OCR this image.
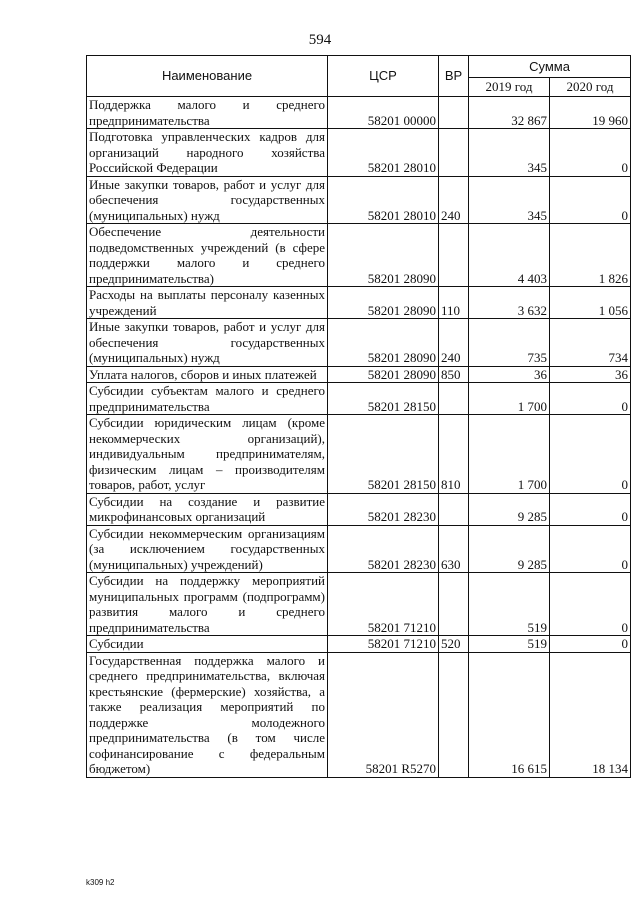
594
Наименование	ЦСР	ВР	Сумма	
			2019 год	2020 год
Поддержка малого и среднего предпринимательства	58201 00000		32 867	19 960
Подготовка управленческих кадров для организаций народного хозяйства Российской Федерации	58201 28010		345	0
Иные закупки товаров, работ и услуг для обеспечения государственных (муниципальных) нужд	58201 28010	240	345	0
Обеспечение деятельности подведомственных учреждений (в сфере поддержки малого и среднего предпринимательства)	58201 28090		4 403	1 826
Расходы на выплаты персоналу казенных учреждений	58201 28090	110	3 632	1 056
Иные закупки товаров, работ и услуг для обеспечения государственных (муниципальных) нужд	58201 28090	240	735	734
Уплата налогов, сборов и иных платежей	58201 28090	850	36	36
Субсидии субъектам малого и среднего предпринимательства	58201 28150		1 700	0
Субсидии юридическим лицам (кроме некоммерческих организаций), индивидуальным предпринимателям, физическим лицам – производителям товаров, работ, услуг	58201 28150	810	1 700	0
Субсидии на создание и развитие микрофинансовых организаций	58201 28230		9 285	0
Субсидии некоммерческим организациям (за исключением государственных (муниципальных) учреждений)	58201 28230	630	9 285	0
Субсидии на поддержку мероприятий муниципальных программ (подпрограмм) развития малого и среднего предпринимательства	58201 71210		519	0
Субсидии	58201 71210	520	519	0
Государственная поддержка малого и среднего предпринимательства, включая крестьянские (фермерские) хозяйства, а также реализация мероприятий по поддержке молодежного предпринимательства (в том числе софинансирование с федеральным бюджетом)	58201 R5270		16 615	18 134
k309 h2
